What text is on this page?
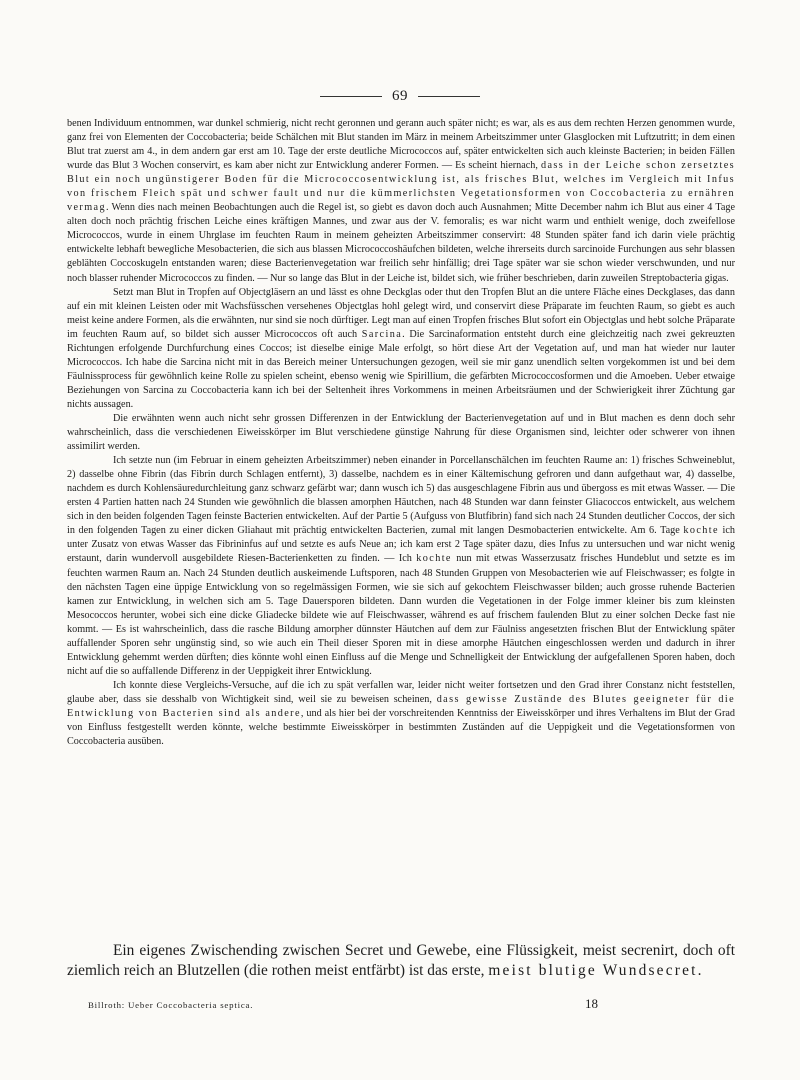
69

benen Individuum entnommen, war dunkel schmierig, nicht recht geronnen und gerann auch später nicht; es war, als es aus dem rechten Herzen genommen wurde, ganz frei von Elementen der Coccobacteria; beide Schälchen mit Blut standen im März in meinem Arbeitszimmer unter Glasglocken mit Luftzutritt; in dem einen Blut trat zuerst am 4., in dem andern gar erst am 10. Tage der erste deutliche Micrococcos auf, später entwickelten sich auch kleinste Bacterien; in beiden Fällen wurde das Blut 3 Wochen conservirt, es kam aber nicht zur Entwicklung anderer Formen. — Es scheint hiernach, dass in der Leiche schon zersetztes Blut ein noch ungünstigerer Boden für die Micrococcosentwicklung ist, als frisches Blut, welches im Vergleich mit Infus von frischem Fleich spät und schwer fault und nur die kümmerlichsten Vegetationsformen von Coccobacteria zu ernähren vermag. Wenn dies nach meinen Beobachtungen auch die Regel ist, so giebt es davon doch auch Ausnahmen; Mitte December nahm ich Blut aus einer 4 Tage alten doch noch prächtig frischen Leiche eines kräftigen Mannes, und zwar aus der V. femoralis; es war nicht warm und enthielt wenige, doch zweifellose Micrococcos, wurde in einem Uhrglase im feuchten Raum in meinem geheizten Arbeitszimmer conservirt: 48 Stunden später fand ich darin viele prächtig entwickelte lebhaft bewegliche Mesobacterien, die sich aus blassen Micrococcoshäufchen bildeten, welche ihrerseits durch sarcinoide Furchungen aus sehr blassen geblähten Coccoskugeln entstanden waren; diese Bacterienvegetation war freilich sehr hinfällig; drei Tage später war sie schon wieder verschwunden, und nur noch blasser ruhender Micrococcos zu finden. — Nur so lange das Blut in der Leiche ist, bildet sich, wie früher beschrieben, darin zuweilen Streptobacteria gigas.

Setzt man Blut in Tropfen auf Objectgläsern an und lässt es ohne Deckglas oder thut den Tropfen Blut an die untere Fläche eines Deckglases, das dann auf ein mit kleinen Leisten oder mit Wachsfüsschen versehenes Objectglas hohl gelegt wird, und conservirt diese Präparate im feuchten Raum, so giebt es auch meist keine andere Formen, als die erwähnten, nur sind sie noch dürftiger. Legt man auf einen Tropfen frisches Blut sofort ein Objectglas und hebt solche Präparate im feuchten Raum auf, so bildet sich ausser Micrococcos oft auch Sarcina. Die Sarcinaformation entsteht durch eine gleichzeitig nach zwei gekreuzten Richtungen erfolgende Durchfurchung eines Coccos; ist dieselbe einige Male erfolgt, so hört diese Art der Vegetation auf, und man hat wieder nur lauter Micrococcos. Ich habe die Sarcina nicht mit in das Bereich meiner Untersuchungen gezogen, weil sie mir ganz unendlich selten vorgekommen ist und bei dem Fäulnissprocess für gewöhnlich keine Rolle zu spielen scheint, ebenso wenig wie Spirillium, die gefärbten Micrococcosformen und die Amoeben. Ueber etwaige Beziehungen von Sarcina zu Coccobacteria kann ich bei der Seltenheit ihres Vorkommens in meinen Arbeitsräumen und der Schwierigkeit ihrer Züchtung gar nichts aussagen.

Die erwähnten wenn auch nicht sehr grossen Differenzen in der Entwicklung der Bacterienvegetation auf und in Blut machen es denn doch sehr wahrscheinlich, dass die verschiedenen Eiweisskörper im Blut verschiedene günstige Nahrung für diese Organismen sind, leichter oder schwerer von ihnen assimilirt werden.

Ich setzte nun (im Februar in einem geheizten Arbeitszimmer) neben einander in Porcellanschälchen im feuchten Raume an: 1) frisches Schweineblut, 2) dasselbe ohne Fibrin (das Fibrin durch Schlagen entfernt), 3) dasselbe, nachdem es in einer Kältemischung gefroren und dann aufgethaut war, 4) dasselbe, nachdem es durch Kohlensäuredurchleitung ganz schwarz gefärbt war; dann wusch ich 5) das ausgeschlagene Fibrin aus und übergoss es mit etwas Wasser. — Die ersten 4 Partien hatten nach 24 Stunden wie gewöhnlich die blassen amorphen Häutchen, nach 48 Stunden war dann feinster Gliacoccos entwickelt, aus welchem sich in den beiden folgenden Tagen feinste Bacterien entwickelten. Auf der Partie 5 (Aufguss von Blutfibrin) fand sich nach 24 Stunden deutlicher Coccos, der sich in den folgenden Tagen zu einer dicken Gliahaut mit prächtig entwickelten Bacterien, zumal mit langen Desmobacterien entwickelte. Am 6. Tage kochte ich unter Zusatz von etwas Wasser das Fibrininfus auf und setzte es aufs Neue an; ich kam erst 2 Tage später dazu, dies Infus zu untersuchen und war nicht wenig erstaunt, darin wundervoll ausgebildete Riesen-Bacterienketten zu finden. — Ich kochte nun mit etwas Wasserzusatz frisches Hundeblut und setzte es im feuchten warmen Raum an. Nach 24 Stunden deutlich auskeimende Luftsporen, nach 48 Stunden Gruppen von Mesobacterien wie auf Fleischwasser; es folgte in den nächsten Tagen eine üppige Entwicklung von so regelmässigen Formen, wie sie sich auf gekochtem Fleischwasser bilden; auch grosse ruhende Bacterien kamen zur Entwicklung, in welchen sich am 5. Tage Dauersporen bildeten. Dann wurden die Vegetationen in der Folge immer kleiner bis zum kleinsten Mesococcos herunter, wobei sich eine dicke Gliadecke bildete wie auf Fleischwasser, während es auf frischem faulenden Blut zu einer solchen Decke fast nie kommt. — Es ist wahrscheinlich, dass die rasche Bildung amorpher dünnster Häutchen auf dem zur Fäulniss angesetzten frischen Blut der Entwicklung später auffallender Sporen sehr ungünstig sind, so wie auch ein Theil dieser Sporen mit in diese amorphe Häutchen eingeschlossen werden und dadurch in ihrer Entwicklung gehemmt werden dürften; dies könnte wohl einen Einfluss auf die Menge und Schnelligkeit der Entwicklung der aufgefallenen Sporen haben, doch nicht auf die so auffallende Differenz in der Ueppigkeit ihrer Entwicklung.

Ich konnte diese Vergleichs-Versuche, auf die ich zu spät verfallen war, leider nicht weiter fortsetzen und den Grad ihrer Constanz nicht feststellen, glaube aber, dass sie desshalb von Wichtigkeit sind, weil sie zu beweisen scheinen, dass gewisse Zustände des Blutes geeigneter für die Entwicklung von Bacterien sind als andere, und als hier bei der vorschreitenden Kenntniss der Eiweisskörper und ihres Verhaltens im Blut der Grad von Einfluss festgestellt werden könnte, welche bestimmte Eiweisskörper in bestimmten Zuständen auf die Ueppigkeit und die Vegetationsformen von Coccobacteria ausüben.

Ein eigenes Zwischending zwischen Secret und Gewebe, eine Flüssigkeit, meist secrenirt, doch oft ziemlich reich an Blutzellen (die rothen meist entfärbt) ist das erste, meist blutige Wundsecret.
Billroth: Ueber Coccobacteria septica.	18
